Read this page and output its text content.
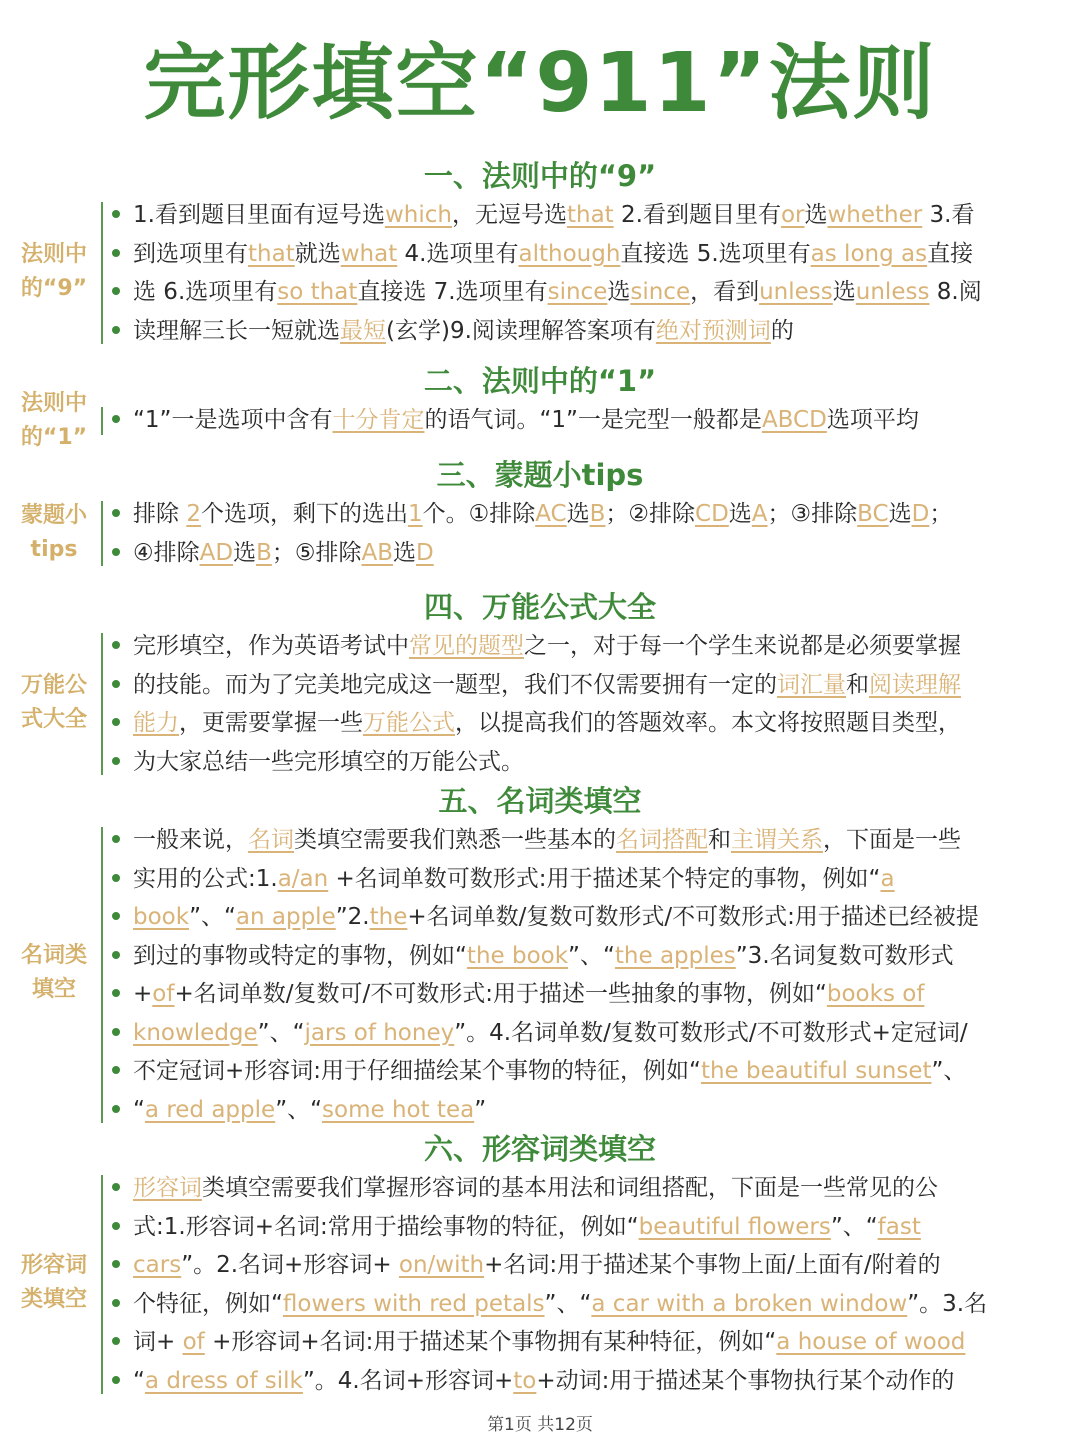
完形填空“911”法则
一、法则中的“9”
法则中
的“9”
1.看到题目里面有逗号选which，无逗号选that 2.看到题目里有or选whether 3.看
到选项里有that就选what 4.选项里有although直接选 5.选项里有as long as直接
选 6.选项里有so that直接选 7.选项里有since选since，看到unless选unless 8.阅
读理解三长一短就选最短(玄学)9.阅读理解答案项有绝对预测词的
二、法则中的“1”
法则中
的“1”
“1”一是选项中含有十分肯定的语气词。“1”一是完型一般都是ABCD选项平均
三、蒙题小tips
蒙题小
tips
排除 2个选项，剩下的选出1个。①排除AC选B；②排除CD选A；③排除BC选D；
④排除AD选B；⑤排除AB选D
四、万能公式大全
万能公
式大全
完形填空，作为英语考试中常见的题型之一，对于每一个学生来说都是必须要掌握
的技能。而为了完美地完成这一题型，我们不仅需要拥有一定的词汇量和阅读理解
能力，更需要掌握一些万能公式，以提高我们的答题效率。本文将按照题目类型，
为大家总结一些完形填空的万能公式。
五、名词类填空
名词类
填空
一般来说，名词类填空需要我们熟悉一些基本的名词搭配和主谓关系，下面是一些
实用的公式:1.a/an +名词单数可数形式:用于描述某个特定的事物，例如“a
book”、“an apple”2.the+名词单数/复数可数形式/不可数形式:用于描述已经被提
到过的事物或特定的事物，例如“the book”、“the apples”3.名词复数可数形式
+of+名词单数/复数可/不可数形式:用于描述一些抽象的事物，例如“books of
knowledge”、“jars of honey”。4.名词单数/复数可数形式/不可数形式+定冠词/
不定冠词+形容词:用于仔细描绘某个事物的特征，例如“the beautiful sunset”、
“a red apple”、“some hot tea”
六、形容词类填空
形容词
类填空
形容词类填空需要我们掌握形容词的基本用法和词组搭配，下面是一些常见的公
式:1.形容词+名词:常用于描绘事物的特征，例如“beautiful flowers”、“fast
cars”。2.名词+形容词+ on/with+名词:用于描述某个事物上面/上面有/附着的
个特征，例如“flowers with red petals”、“a car with a broken window”。3.名
词+ of +形容词+名词:用于描述某个事物拥有某种特征，例如“a house of wood
“a dress of silk”。4.名词+形容词+to+动词:用于描述某个事物执行某个动作的
第1页 共12页
